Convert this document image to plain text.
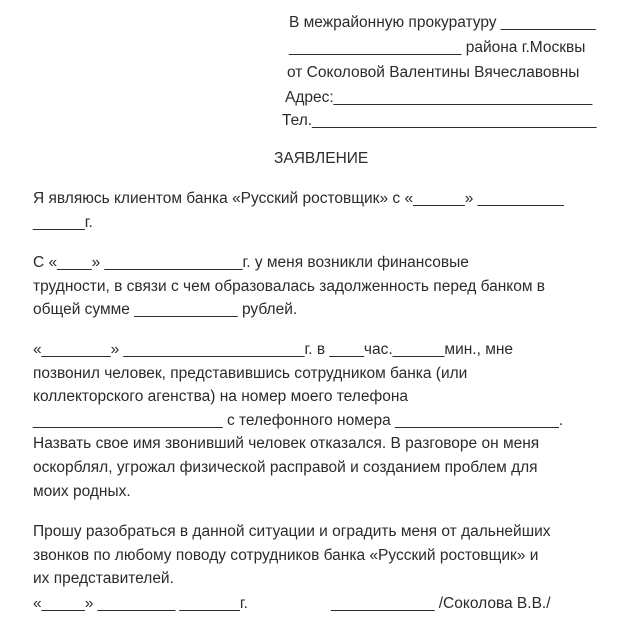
В межрайонную прокуратуру ___________
____________________ района г.Москвы
от Соколовой Валентины Вячеславовны
Адрес:______________________________
Тел._________________________________
ЗАЯВЛЕНИЕ
Я являюсь клиентом банка «Русский ростовщик» с «______» __________
______г.
С «____» ________________г. у меня возникли финансовые
трудности, в связи с чем образовалась задолженность перед банком в
общей сумме ____________ рублей.
«________» _____________________г. в ____час.______мин., мне
позвонил человек, представившись сотрудником банка (или
коллекторского агенства) на номер моего телефона
______________________ с телефонного номера ___________________.
Назвать свое имя звонивший человек отказался. В разговоре он меня
оскорблял, угрожал физической расправой и созданием проблем для
моих родных.
Прошу разобраться в данной ситуации и оградить меня от дальнейших
звонков по любому поводу сотрудников банка «Русский ростовщик» и
их представителей.
«_____» _________ _______г.	____________ /Соколова В.В./
